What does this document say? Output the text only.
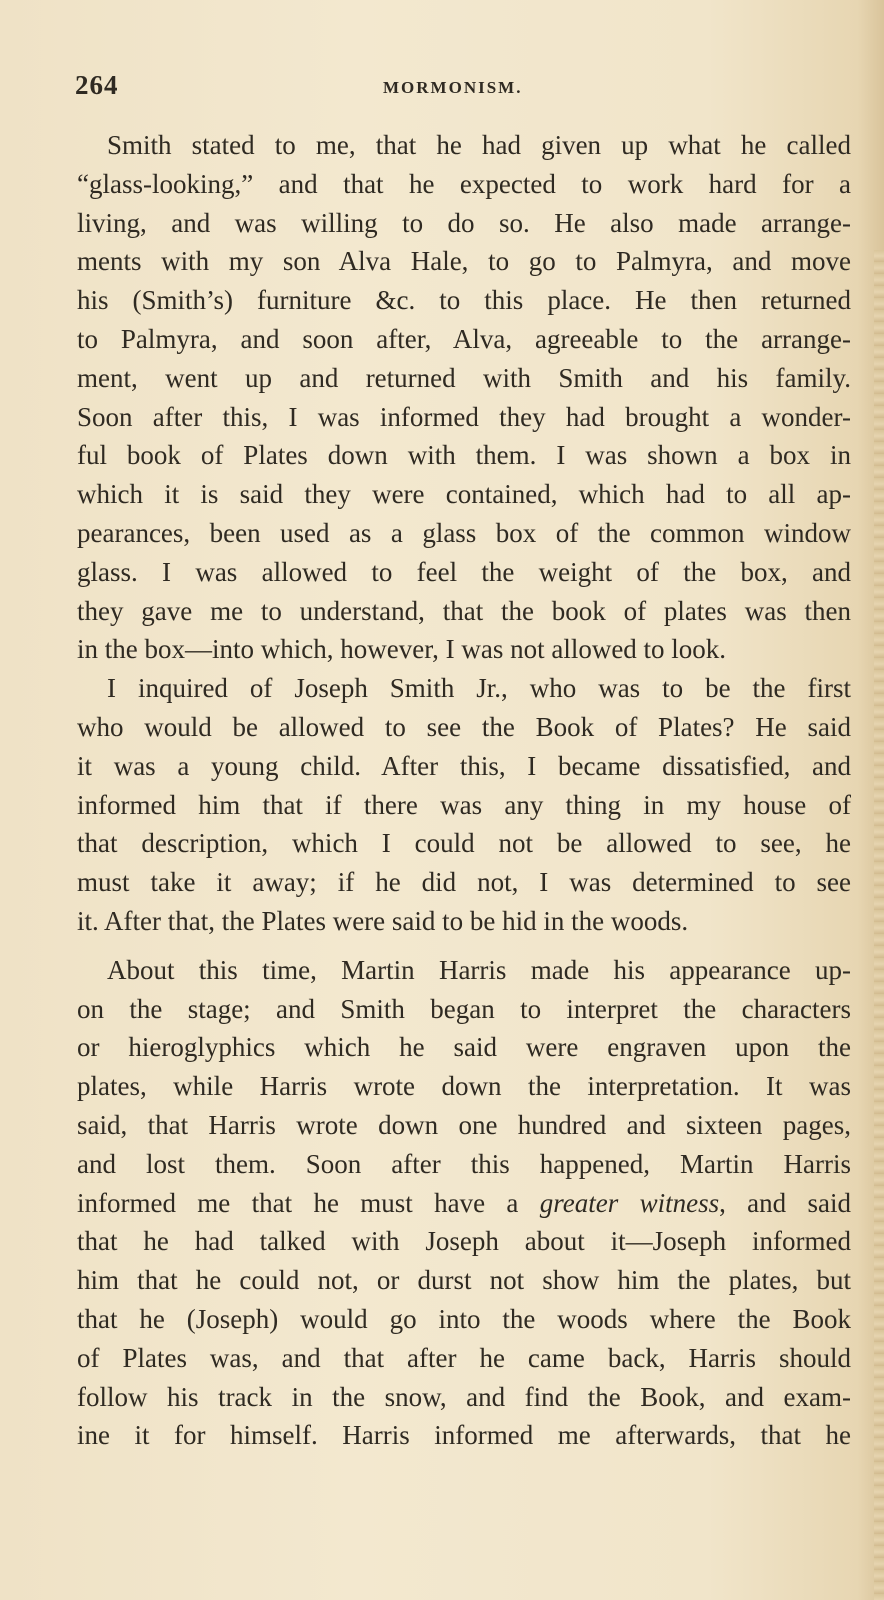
264	MORMONISM.
Smith stated to me, that he had given up what he called
“glass-looking,” and that he expected to work hard for a
living, and was willing to do so. He also made arrange-
ments with my son Alva Hale, to go to Palmyra, and move
his (Smith’s) furniture &c. to this place. He then returned
to Palmyra, and soon after, Alva, agreeable to the arrange-
ment, went up and returned with Smith and his family.
Soon after this, I was informed they had brought a wonder-
ful book of Plates down with them. I was shown a box in
which it is said they were contained, which had to all ap-
pearances, been used as a glass box of the common window
glass. I was allowed to feel the weight of the box, and
they gave me to understand, that the book of plates was then
in the box—into which, however, I was not allowed to look.
I inquired of Joseph Smith Jr., who was to be the first
who would be allowed to see the Book of Plates? He said
it was a young child. After this, I became dissatisfied, and
informed him that if there was any thing in my house of
that description, which I could not be allowed to see, he
must take it away; if he did not, I was determined to see
it. After that, the Plates were said to be hid in the woods.
About this time, Martin Harris made his appearance up-
on the stage; and Smith began to interpret the characters
or hieroglyphics which he said were engraven upon the
plates, while Harris wrote down the interpretation. It was
said, that Harris wrote down one hundred and sixteen pages,
and lost them. Soon after this happened, Martin Harris
informed me that he must have a greater witness, and said
that he had talked with Joseph about it—Joseph informed
him that he could not, or durst not show him the plates, but
that he (Joseph) would go into the woods where the Book
of Plates was, and that after he came back, Harris should
follow his track in the snow, and find the Book, and exam-
ine it for himself. Harris informed me afterwards, that he
